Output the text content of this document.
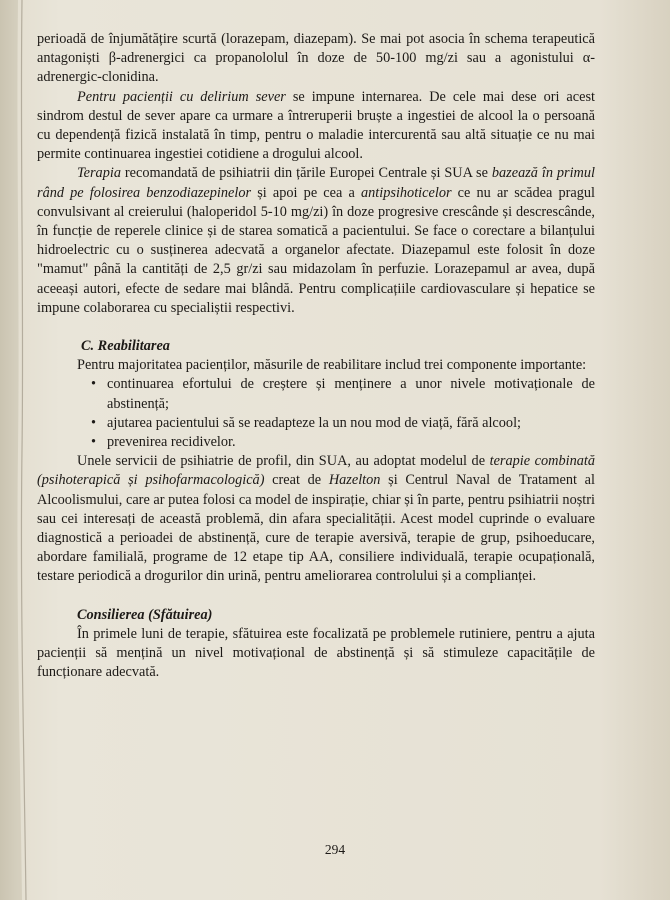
perioadă de înjumătățire scurtă (lorazepam, diazepam). Se mai pot asocia în schema terapeutică antagoniști β-adrenergici ca propanololul în doze de 50-100 mg/zi sau a agonistului α-adrenergic-clonidina.

Pentru pacienții cu delirium sever se impune internarea. De cele mai dese ori acest sindrom destul de sever apare ca urmare a întreruperii bruște a ingestiei de alcool la o persoană cu dependență fizică instalată în timp, pentru o maladie intercurentă sau altă situație ce nu mai permite continuarea ingestiei cotidiene a drogului alcool.

Terapia recomandată de psihiatrii din țările Europei Centrale și SUA se bazează în primul rând pe folosirea benzodiazepinelor și apoi pe cea a antipsihoticelor ce nu ar scădea pragul convulsivant al creierului (haloperidol 5-10 mg/zi) în doze progresive crescânde și descrescânde, în funcție de reperele clinice și de starea somatică a pacientului. Se face o corectare a bilanțului hidroelectric cu o susținerea adecvată a organelor afectate. Diazepamul este folosit în doze "mamut" până la cantități de 2,5 gr/zi sau midazolam în perfuzie. Lorazepamul ar avea, după aceeași autori, efecte de sedare mai blândă. Pentru complicațiile cardiovasculare și hepatice se impune colaborarea cu specialiștii respectivi.

C. Reabilitarea

Pentru majoritatea pacienților, măsurile de reabilitare includ trei componente importante:

• continuarea efortului de creștere și menținere a unor nivele motivaționale de abstinență;
• ajutarea pacientului să se readapteze la un nou mod de viață, fără alcool;
• prevenirea recidivelor.

Unele servicii de psihiatrie de profil, din SUA, au adoptat modelul de terapie combinată (psihoterapică și psihofarmacologică) creat de Hazelton și Centrul Naval de Tratament al Alcoolismului, care ar putea folosi ca model de inspirație, chiar și în parte, pentru psihiatrii noștri sau cei interesați de această problemă, din afara specialității. Acest model cuprinde o evaluare diagnostică a perioadei de abstinență, cure de terapie aversivă, terapie de grup, psihoeducare, abordare familială, programe de 12 etape tip AA, consiliere individuală, terapie ocupațională, testare periodică a drogurilor din urină, pentru ameliorarea controlului și a complianței.

Consilierea (Sfătuirea)

În primele luni de terapie, sfătuirea este focalizată pe problemele rutiniere, pentru a ajuta pacienții să mențină un nivel motivațional de abstinență și să stimuleze capacitățile de funcționare adecvată.

294
